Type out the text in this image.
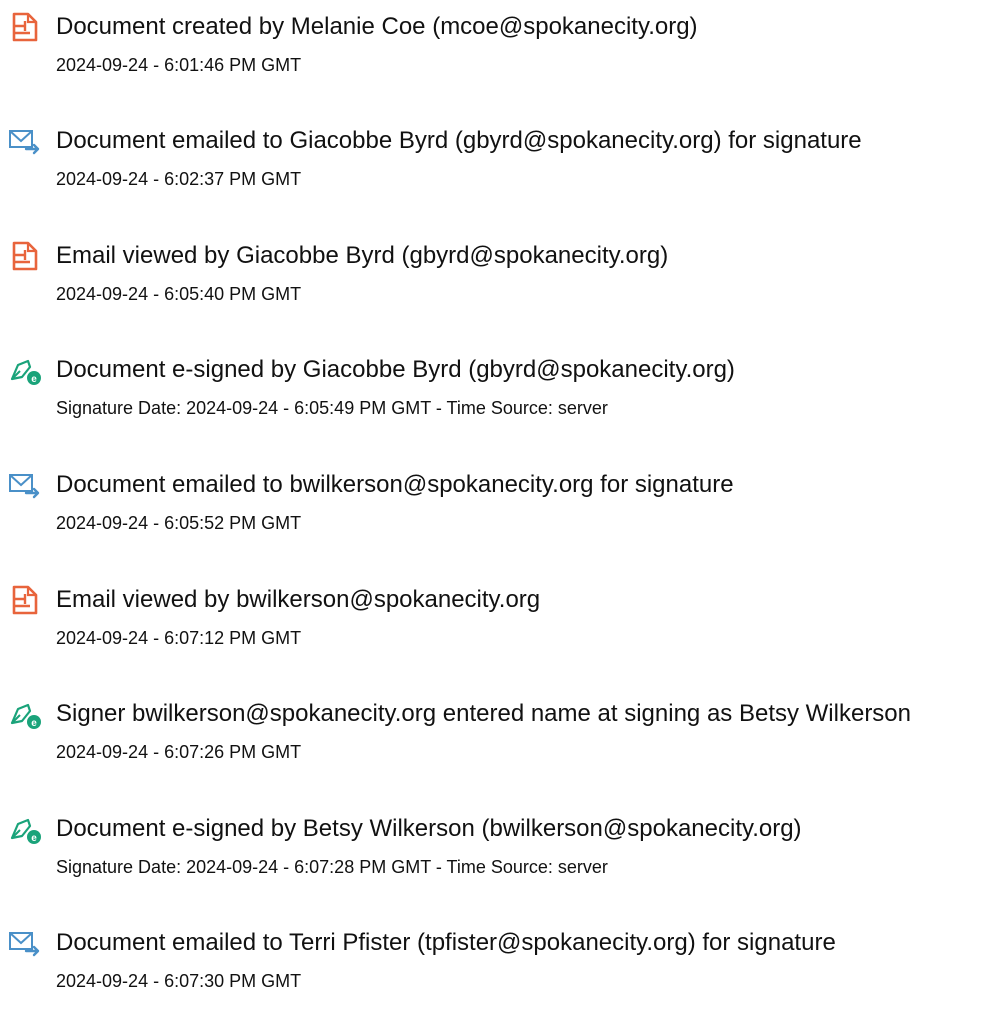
Document created by Melanie Coe (mcoe@spokanecity.org)
2024-09-24 - 6:01:46 PM GMT
Document emailed to Giacobbe Byrd (gbyrd@spokanecity.org) for signature
2024-09-24 - 6:02:37 PM GMT
Email viewed by Giacobbe Byrd (gbyrd@spokanecity.org)
2024-09-24 - 6:05:40 PM GMT
e Document e-signed by Giacobbe Byrd (gbyrd@spokanecity.org)
Signature Date: 2024-09-24 - 6:05:49 PM GMT - Time Source: server
Document emailed to bwilkerson@spokanecity.org for signature
2024-09-24 - 6:05:52 PM GMT
Email viewed by bwilkerson@spokanecity.org
2024-09-24 - 6:07:12 PM GMT
e Signer bwilkerson@spokanecity.org entered name at signing as Betsy Wilkerson
2024-09-24 - 6:07:26 PM GMT
e Document e-signed by Betsy Wilkerson (bwilkerson@spokanecity.org)
Signature Date: 2024-09-24 - 6:07:28 PM GMT - Time Source: server
Document emailed to Terri Pfister (tpfister@spokanecity.org) for signature
2024-09-24 - 6:07:30 PM GMT
